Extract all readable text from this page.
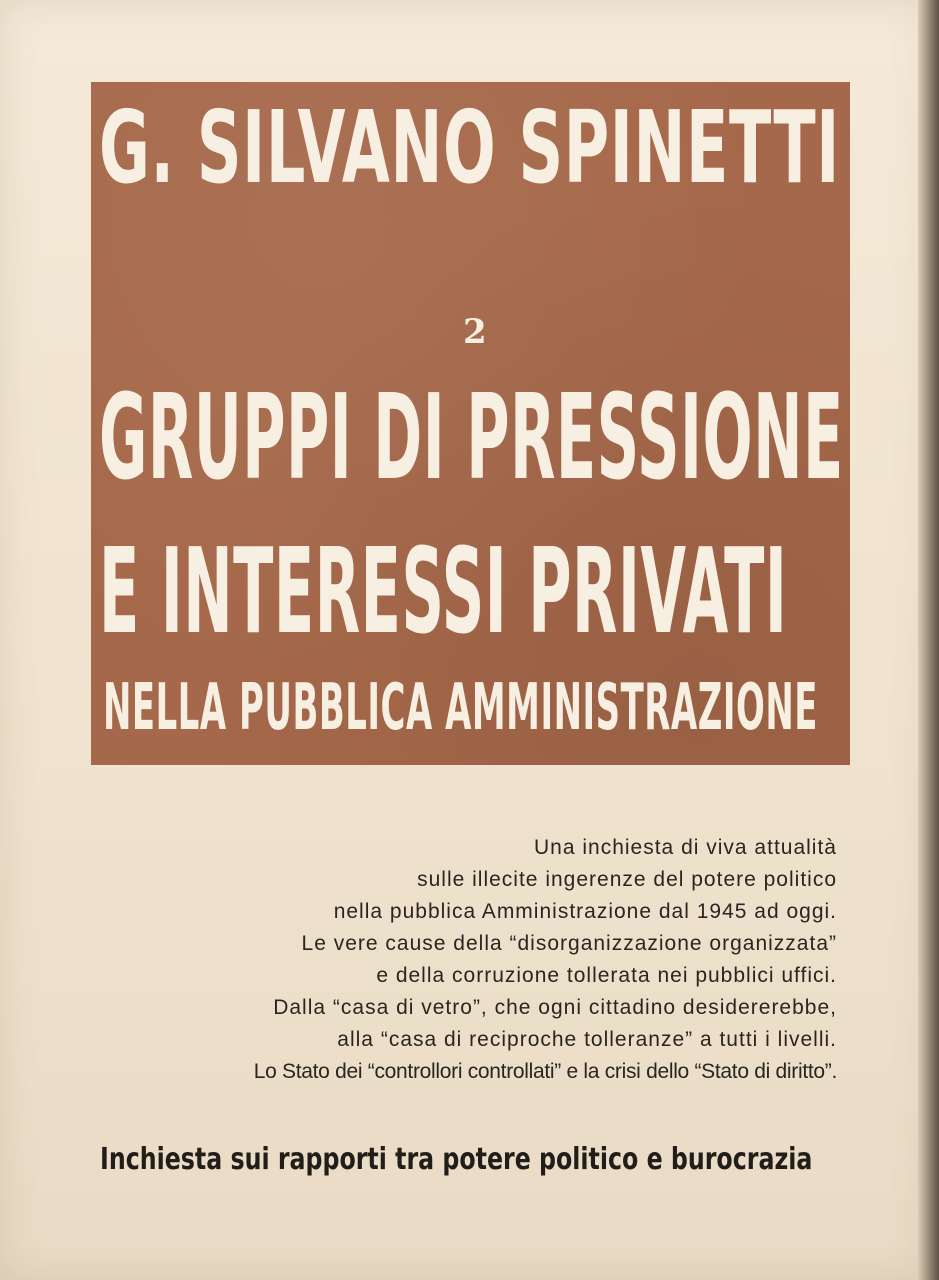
G. SILVANO SPINETTI
2
GRUPPI DI PRESSIONE
E INTERESSI PRIVATI
NELLA PUBBLICA AMMINISTRAZIONE
Una inchiesta di viva attualità
sulle illecite ingerenze del potere politico
nella pubblica Amministrazione dal 1945 ad oggi.
Le vere cause della “disorganizzazione organizzata”
e della corruzione tollerata nei pubblici uffici.
Dalla “casa di vetro”, che ogni cittadino desidererebbe,
alla “casa di reciproche tolleranze” a tutti i livelli.
Lo Stato dei “controllori controllati” e la crisi dello “Stato di diritto”.
Inchiesta sui rapporti tra potere politico e burocrazia
